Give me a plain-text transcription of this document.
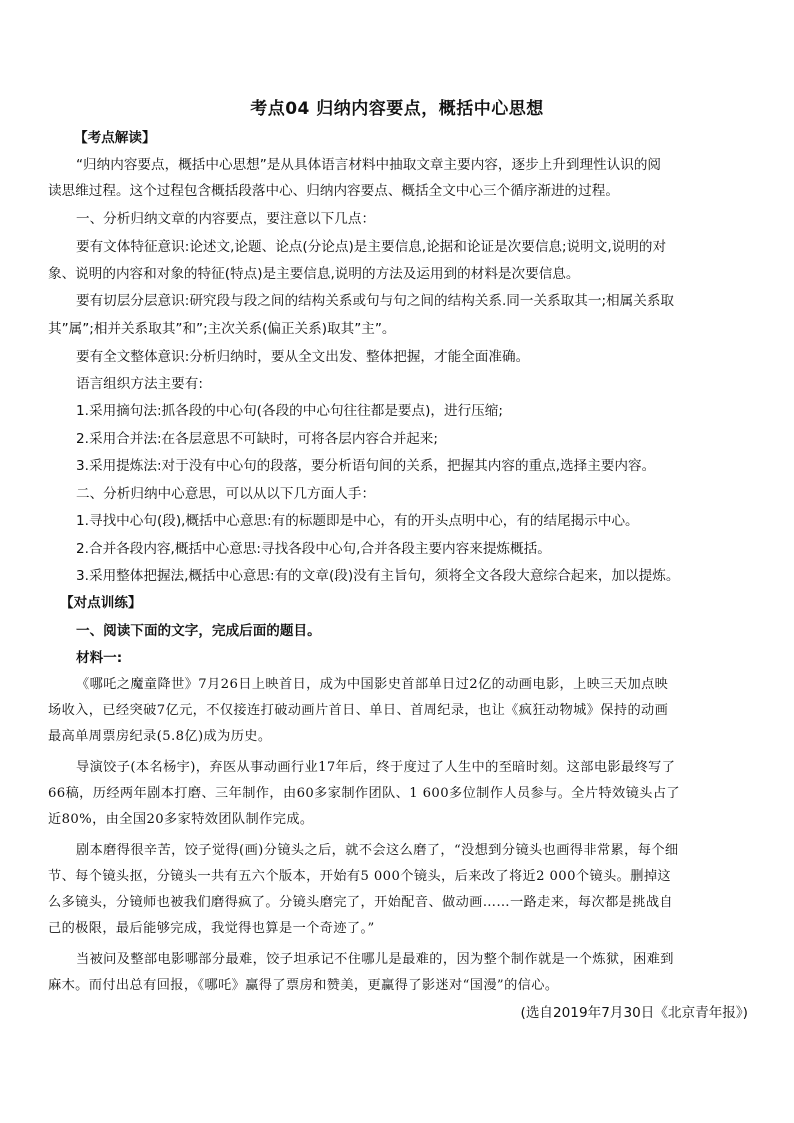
考点04 归纳内容要点，概括中心思想
【考点解读】
“归纳内容要点，概括中心思想”是从具体语言材料中抽取文章主要内容，逐步上升到理性认识的阅
读思维过程。这个过程包含概括段落中心、归纳内容要点、概括全文中心三个循序渐进的过程。
一、分析归纳文章的内容要点，要注意以下几点：
要有文体特征意识:论述文,论题、论点(分论点)是主要信息,论据和论证是次要信息;说明文,说明的对
象、说明的内容和对象的特征(特点)是主要信息,说明的方法及运用到的材料是次要信息。
要有切层分层意识:研究段与段之间的结构关系或句与句之间的结构关系.同一关系取其一;相属关系取
其”属”;相并关系取其”和”;主次关系(偏正关系)取其”主”。
要有全文整体意识:分析归纳时，要从全文出发、整体把握，才能全面准确。
语言组织方法主要有:
1.采用摘句法:抓各段的中心句(各段的中心句往往都是要点)，进行压缩;
2.采用合并法:在各层意思不可缺时，可将各层内容合并起来;
3.采用提炼法:对于没有中心句的段落，要分析语句间的关系，把握其内容的重点,选择主要内容。
二、分析归纳中心意思，可以从以下几方面人手：
1.寻找中心句(段),概括中心意思:有的标题即是中心，有的开头点明中心，有的结尾揭示中心。
2.合并各段内容,概括中心意思:寻找各段中心句,合并各段主要内容来提炼概括。
3.采用整体把握法,概括中心意思:有的文章(段)没有主旨句，须将全文各段大意综合起来，加以提炼。
【对点训练】
一、阅读下面的文字，完成后面的题目。
材料一:
《哪吒之魔童降世》7月26日上映首日，成为中国影史首部单日过2亿的动画电影，上映三天加点映
场收入，已经突破7亿元，不仅接连打破动画片首日、单日、首周纪录，也让《疯狂动物城》保持的动画
最高单周票房纪录(5.8亿)成为历史。
导演饺子(本名杨宇)，弃医从事动画行业17年后，终于度过了人生中的至暗时刻。这部电影最终写了
66稿，历经两年剧本打磨、三年制作，由60多家制作团队、1 600多位制作人员参与。全片特效镜头占了
近80%，由全国20多家特效团队制作完成。
剧本磨得很辛苦，饺子觉得(画)分镜头之后，就不会这么磨了，“没想到分镜头也画得非常累，每个细
节、每个镜头抠，分镜头一共有五六个版本，开始有5 000个镜头，后来改了将近2 000个镜头。删掉这
么多镜头，分镜师也被我们磨得疯了。分镜头磨完了，开始配音、做动画……一路走来，每次都是挑战自
己的极限，最后能够完成，我觉得也算是一个奇迹了。”
当被问及整部电影哪部分最难，饺子坦承记不住哪儿是最难的，因为整个制作就是一个炼狱，困难到
麻木。而付出总有回报，《哪吒》赢得了票房和赞美，更赢得了影迷对“国漫”的信心。
(选自2019年7月30日《北京青年报》)
